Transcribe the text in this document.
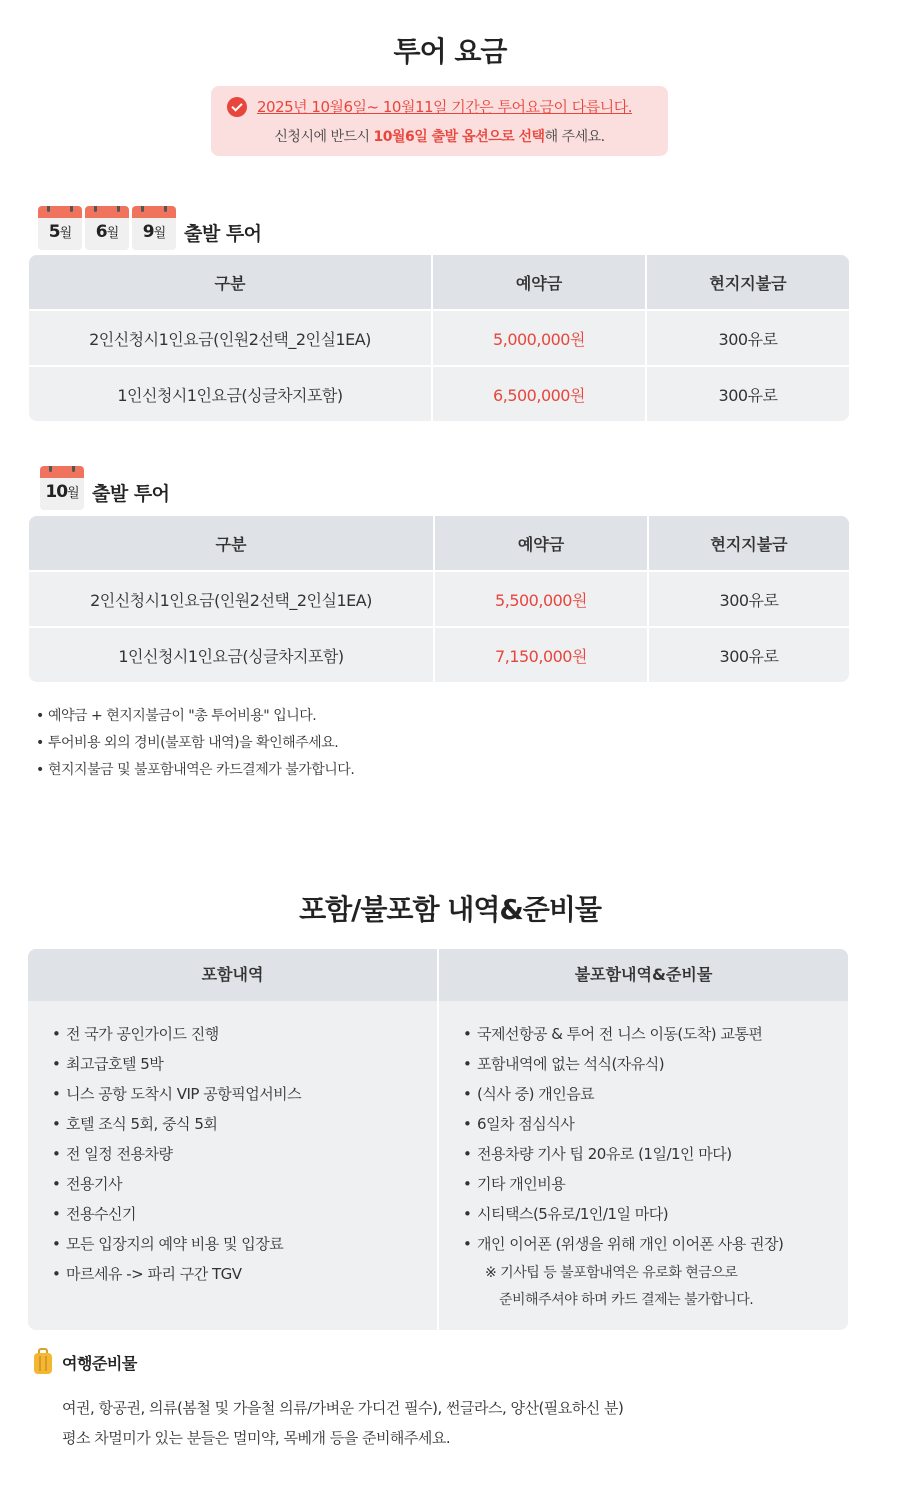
투어 요금
2025년 10월6일~ 10월11일 기간은 투어요금이 다릅니다.
신청시에 반드시 10월6일 출발 옵션으로 선택해 주세요.
5월	6월	9월 출발 투어
구분	예약금	현지지불금
2인신청시1인요금(인원2선택_2인실1EA)	5,000,000원	300유로
1인신청시1인요금(싱글차지포함)	6,500,000원	300유로
10월 출발 투어
구분	예약금	현지지불금
2인신청시1인요금(인원2선택_2인실1EA)	5,500,000원	300유로
1인신청시1인요금(싱글차지포함)	7,150,000원	300유로
• 예약금 + 현지지불금이 "총 투어비용" 입니다.
• 투어비용 외의 경비(불포함 내역)을 확인해주세요.
• 현지지불금 및 불포함내역은 카드결제가 불가합니다.
포함/불포함 내역&준비물
포함내역
• 전 국가 공인가이드 진행
• 최고급호텔 5박
• 니스 공항 도착시 VIP 공항픽업서비스
• 호텔 조식 5회, 중식 5회
• 전 일정 전용차량
• 전용기사
• 전용수신기
• 모든 입장지의 예약 비용 및 입장료
• 마르세유 -> 파리 구간 TGV
불포함내역&준비물
• 국제선항공 & 투어 전 니스 이동(도착) 교통편
• 포함내역에 없는 석식(자유식)
• (식사 중) 개인음료
• 6일차 점심식사
• 전용차량 기사 팁 20유로 (1일/1인 마다)
• 기타 개인비용
• 시티택스(5유로/1인/1일 마다)
• 개인 이어폰 (위생을 위해 개인 이어폰 사용 권장)
※ 기사팁 등 불포함내역은 유로화 현금으로
준비해주셔야 하며 카드 결제는 불가합니다.
여행준비물
여권, 항공권, 의류(봄철 및 가을철 의류/가벼운 가디건 필수), 썬글라스, 양산(필요하신 분)
평소 차멀미가 있는 분들은 멀미약, 목베개 등을 준비해주세요.
